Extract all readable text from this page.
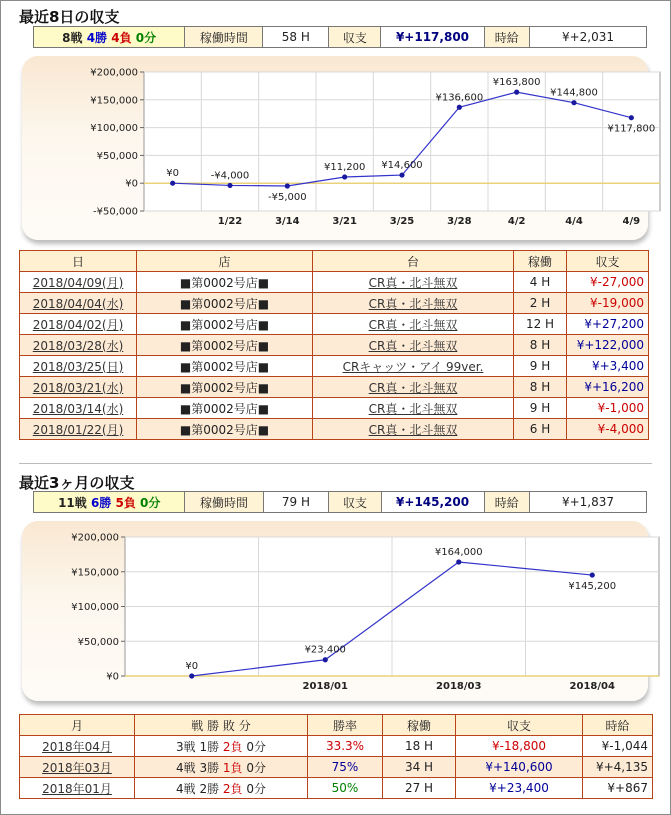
最近8日の収支
8戦 4勝 4負 0分	稼働時間	58 H	収支	¥+117,800	時給	¥+2,031
-¥50,000
¥0
¥50,000
¥100,000
¥150,000
¥200,000
1/22	3/14	3/21	3/25	3/28	4/2	4/4	4/9
¥0	-¥4,000
-¥5,000
¥11,200 ¥14,600
¥136,600
¥163,800
¥144,800
¥117,800
日	店	台	稼働	収支
2018/04/09(月)	■第0002号店■	CR真・北斗無双	4 H	¥-27,000
2018/04/04(水)	■第0002号店■	CR真・北斗無双	2 H	¥-19,000
2018/04/02(月)	■第0002号店■	CR真・北斗無双	12 H	¥+27,200
2018/03/28(水)	■第0002号店■	CR真・北斗無双	8 H	¥+122,000
2018/03/25(日)	■第0002号店■	CRキャッツ・アイ 99ver.	9 H	¥+3,400
2018/03/21(水)	■第0002号店■	CR真・北斗無双	8 H	¥+16,200
2018/03/14(水)	■第0002号店■	CR真・北斗無双	9 H	¥-1,000
2018/01/22(月)	■第0002号店■	CR真・北斗無双	6 H	¥-4,000
最近3ヶ月の収支
11戦 6勝 5負 0分	稼働時間	79 H	収支	¥+145,200	時給	¥+1,837
¥0
¥50,000
¥100,000
¥150,000
¥200,000
2018/01	2018/03	2018/04
¥0
¥23,400
¥164,000
¥145,200
月	戦 勝 敗 分	勝率	稼働	収支	時給
2018年04月	3戦 1勝 2負 0分	33.3%	18 H	¥-18,800	¥-1,044
2018年03月	4戦 3勝 1負 0分	75%	34 H	¥+140,600	¥+4,135
2018年01月	4戦 2勝 2負 0分	50%	27 H	¥+23,400	¥+867
